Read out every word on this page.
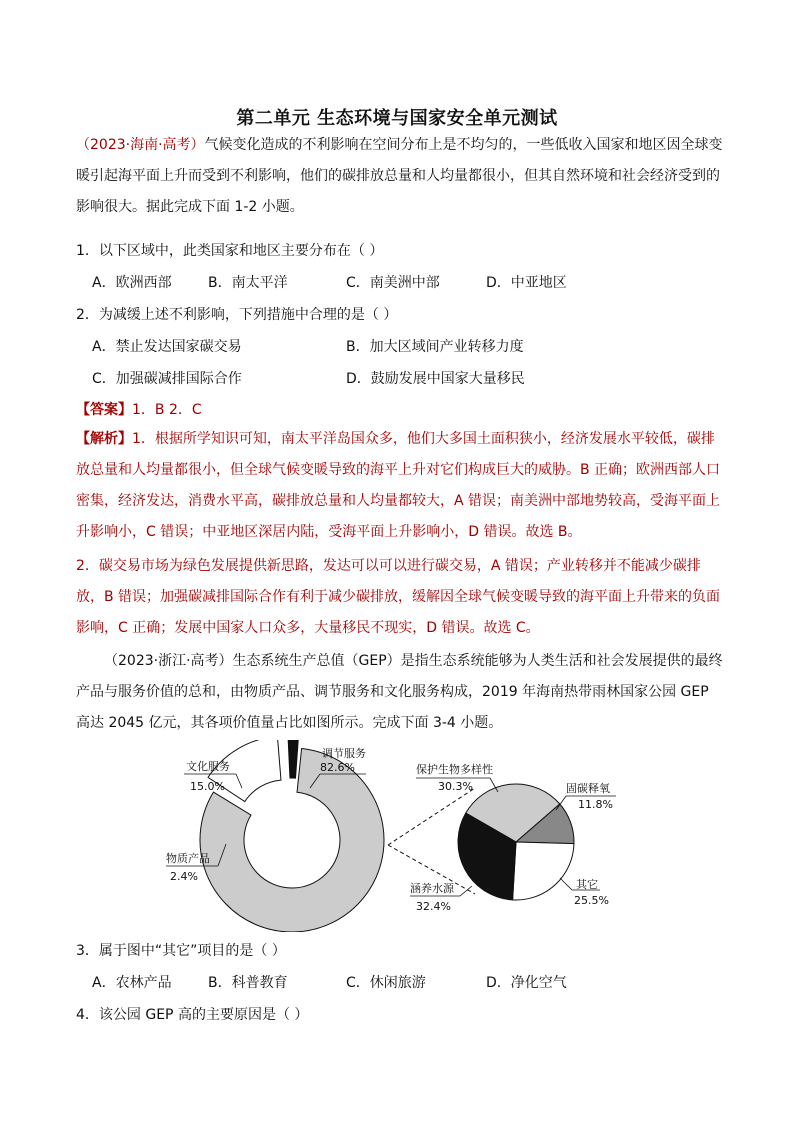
第二单元 生态环境与国家安全单元测试
（2023·海南·高考）气候变化造成的不利影响在空间分布上是不均匀的，一些低收入国家和地区因全球变暖引起海平面上升而受到不利影响，他们的碳排放总量和人均量都很小，但其自然环境和社会经济受到的影响很大。据此完成下面 1-2 小题。
1．以下区域中，此类国家和地区主要分布在（ ）
A．欧洲西部	B．南太平洋	C．南美洲中部	D．中亚地区
2．为减缓上述不利影响，下列措施中合理的是（ ）
A．禁止发达国家碳交易	B．加大区域间产业转移力度
C．加强碳减排国际合作	D．鼓励发展中国家大量移民
【答案】1．B 2．C
【解析】1．根据所学知识可知，南太平洋岛国众多，他们大多国土面积狭小，经济发展水平较低，碳排放总量和人均量都很小，但全球气候变暖导致的海平上升对它们构成巨大的威胁。B 正确；欧洲西部人口密集，经济发达，消费水平高，碳排放总量和人均量都较大，A 错误；南美洲中部地势较高，受海平面上升影响小，C 错误；中亚地区深居内陆，受海平面上升影响小，D 错误。故选 B。
2．碳交易市场为绿色发展提供新思路，发达可以可以进行碳交易，A 错误；产业转移并不能减少碳排放，B 错误；加强碳减排国际合作有利于减少碳排放，缓解因全球气候变暖导致的海平面上升带来的负面影响，C 正确；发展中国家人口众多，大量移民不现实，D 错误。故选 C。
（2023·浙江·高考）生态系统生产总值（GEP）是指生态系统能够为人类生活和社会发展提供的最终产品与服务价值的总和，由物质产品、调节服务和文化服务构成，2019 年海南热带雨林国家公园 GEP 高达 2045 亿元，其各项价值量占比如图所示。完成下面 3-4 小题。
调节服务
82.6%
文化服务
15.0%
物质产品
2.4%
保护生物多样性
30.3%	固碳释氧
11.8%
其它
25.5%
涵养水源
32.4%
3．属于图中“其它”项目的是（ ）
A．农林产品	B．科普教育	C．休闲旅游	D．净化空气
4．该公园 GEP 高的主要原因是（ ）
